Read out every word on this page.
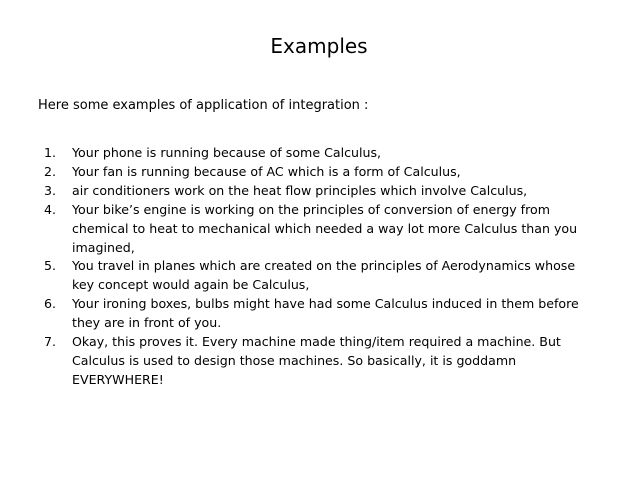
Examples
Here some examples of application of integration :
1. Your phone is running because of some Calculus,
2. Your fan is running because of AC which is a form of Calculus,
3. air conditioners work on the heat flow principles which involve Calculus,
4. Your bike’s engine is working on the principles of conversion of energy from chemical to heat to mechanical which needed a way lot more Calculus than you imagined,
5. You travel in planes which are created on the principles of Aerodynamics whose key concept would again be Calculus,
6. Your ironing boxes, bulbs might have had some Calculus induced in them before they are in front of you.
7. Okay, this proves it. Every machine made thing/item required a machine. But Calculus is used to design those machines. So basically, it is goddamn EVERYWHERE!
